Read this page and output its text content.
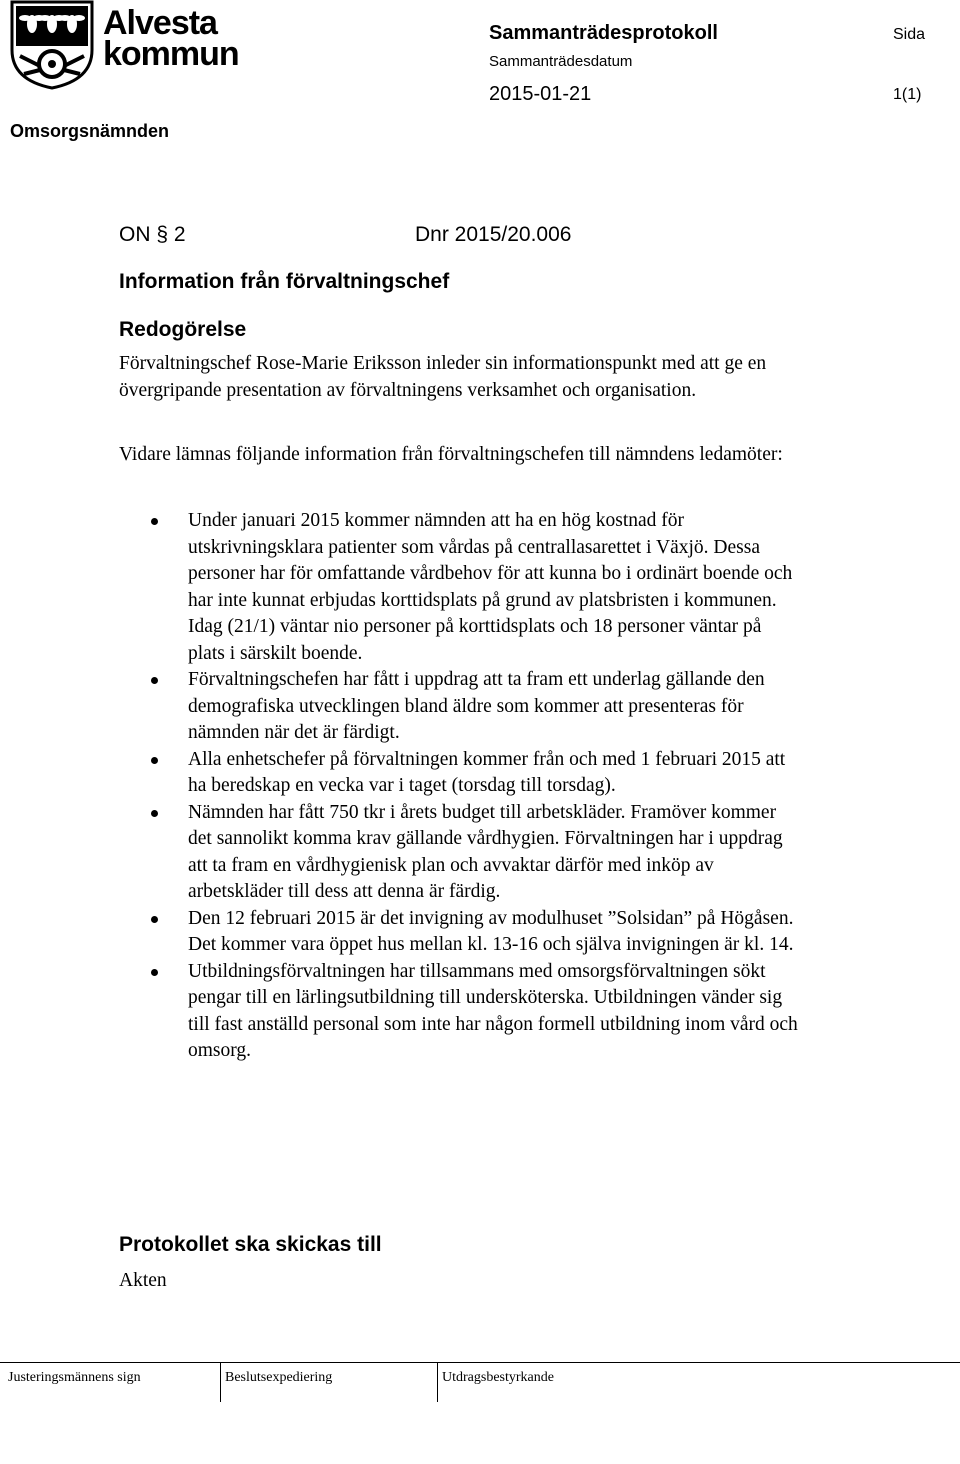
Alvesta
kommun
Sammanträdesprotokoll	Sida
Sammanträdesdatum
2015-01-21	1(1)
Omsorgsnämnden
ON § 2	Dnr 2015/20.006
Information från förvaltningschef
Redogörelse
Förvaltningschef Rose-Marie Eriksson inleder sin informationspunkt med att ge en övergripande presentation av förvaltningens verksamhet och organisation.
Vidare lämnas följande information från förvaltningschefen till nämndens ledamöter:
Under januari 2015 kommer nämnden att ha en hög kostnad för utskrivningsklara patienter som vårdas på centrallasarettet i Växjö. Dessa personer har för omfattande vårdbehov för att kunna bo i ordinärt boende och har inte kunnat erbjudas korttidsplats på grund av platsbristen i kommunen. Idag (21/1) väntar nio personer på korttidsplats och 18 personer väntar på plats i särskilt boende.
Förvaltningschefen har fått i uppdrag att ta fram ett underlag gällande den demografiska utvecklingen bland äldre som kommer att presenteras för nämnden när det är färdigt.
Alla enhetschefer på förvaltningen kommer från och med 1 februari 2015 att ha beredskap en vecka var i taget (torsdag till torsdag).
Nämnden har fått 750 tkr i årets budget till arbetskläder. Framöver kommer det sannolikt komma krav gällande vårdhygien. Förvaltningen har i uppdrag att ta fram en vårdhygienisk plan och avvaktar därför med inköp av arbetskläder till dess att denna är färdig.
Den 12 februari 2015 är det invigning av modulhuset ”Solsidan” på Högåsen. Det kommer vara öppet hus mellan kl. 13-16 och själva invigningen är kl. 14.
Utbildningsförvaltningen har tillsammans med omsorgsförvaltningen sökt pengar till en lärlingsutbildning till undersköterska. Utbildningen vänder sig till fast anställd personal som inte har någon formell utbildning inom vård och omsorg.
Protokollet ska skickas till
Akten
Justeringsmännens sign	Beslutsexpediering	Utdragsbestyrkande
